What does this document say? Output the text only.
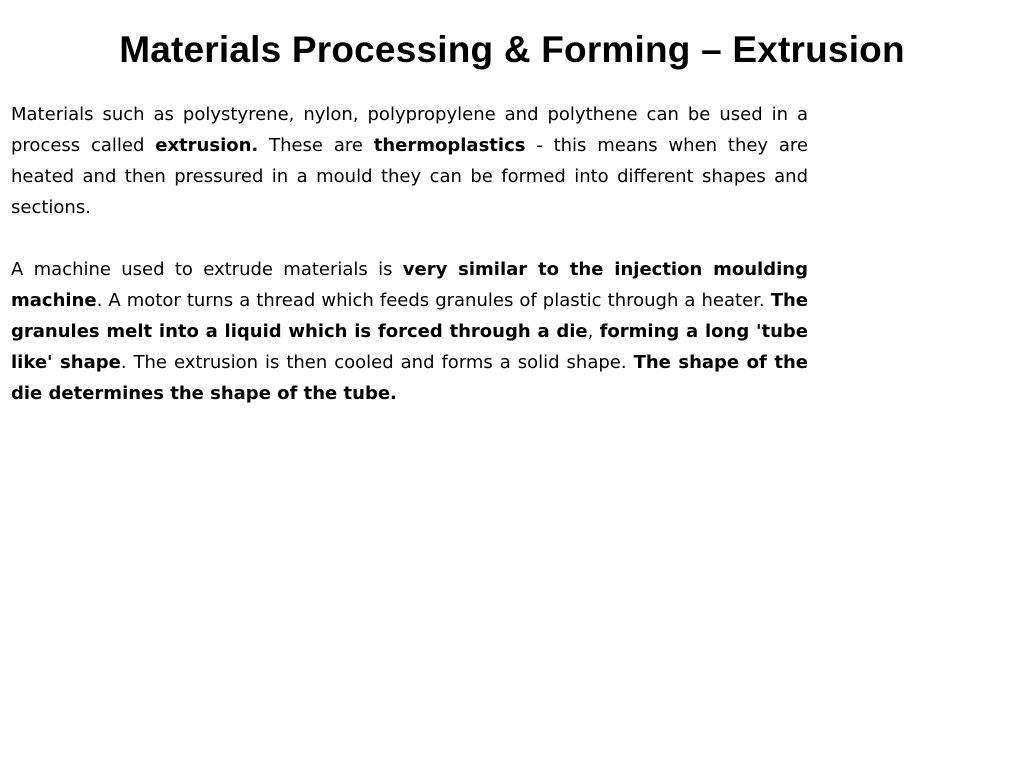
Materials Processing & Forming – Extrusion

Materials such as polystyrene, nylon, polypropylene and polythene can be used in a process called extrusion. These are thermoplastics - this means when they are heated and then pressured in a mould they can be formed into different shapes and sections.

A machine used to extrude materials is very similar to the injection moulding machine. A motor turns a thread which feeds granules of plastic through a heater. The granules melt into a liquid which is forced through a die, forming a long 'tube like' shape. The extrusion is then cooled and forms a solid shape. The shape of the die determines the shape of the tube.
